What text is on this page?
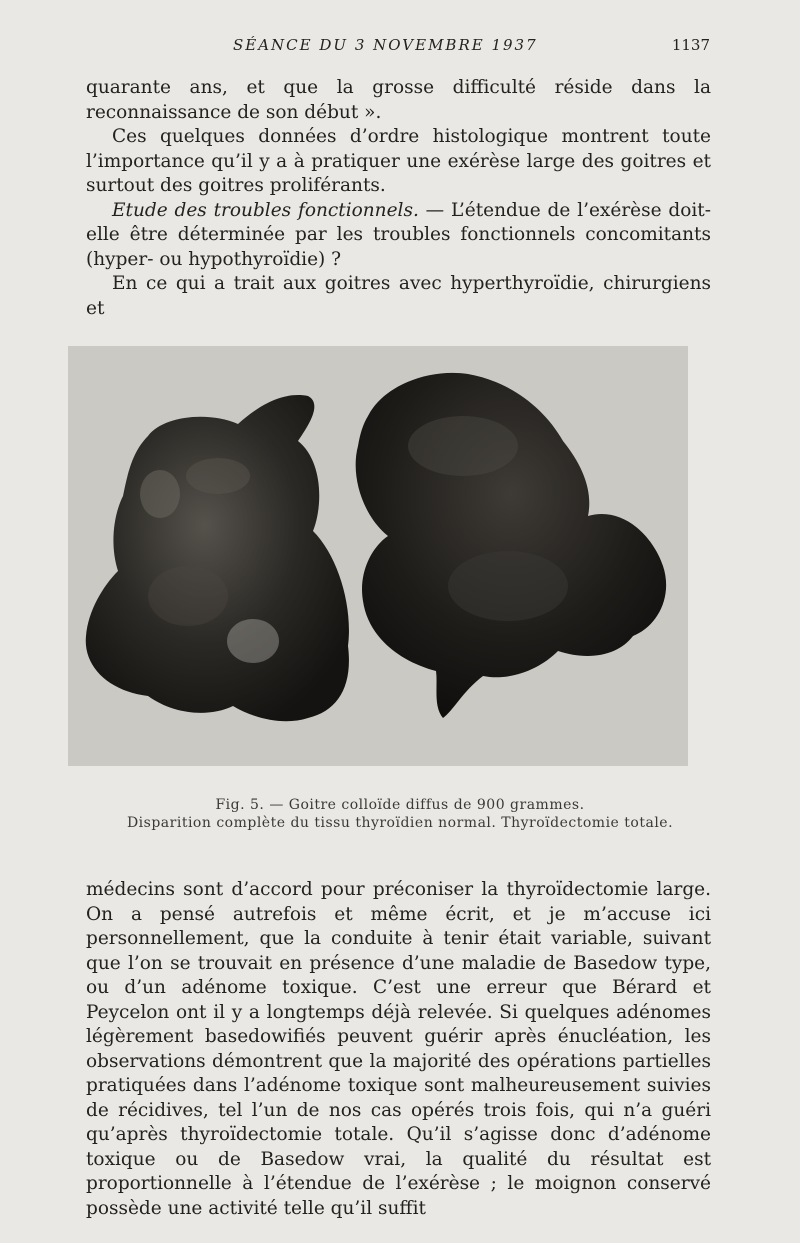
SÉANCE DU 3 NOVEMBRE 1937	1137

quarante ans, et que la grosse difficulté réside dans la reconnaissance de son début ».

Ces quelques données d’ordre histologique montrent toute l’importance qu’il y a à pratiquer une exérèse large des goitres et surtout des goitres proliférants.

Etude des troubles fonctionnels. — L’étendue de l’exérèse doit-elle être déterminée par les troubles fonctionnels concomitants (hyper- ou hypothyroïdie) ?

En ce qui a trait aux goitres avec hyperthyroïdie, chirurgiens et

Fig. 5. — Goitre colloïde diffus de 900 grammes.
Disparition complète du tissu thyroïdien normal. Thyroïdectomie totale.

médecins sont d’accord pour préconiser la thyroïdectomie large. On a pensé autrefois et même écrit, et je m’accuse ici personnellement, que la conduite à tenir était variable, suivant que l’on se trouvait en présence d’une maladie de Basedow type, ou d’un adénome toxique. C’est une erreur que Bérard et Peycelon ont il y a longtemps déjà relevée. Si quelques adénomes légèrement basedowifiés peuvent guérir après énucléation, les observations démontrent que la majorité des opérations partielles pratiquées dans l’adénome toxique sont malheureusement suivies de récidives, tel l’un de nos cas opérés trois fois, qui n’a guéri qu’après thyroïdectomie totale. Qu’il s’agisse donc d’adénome toxique ou de Basedow vrai, la qualité du résultat est proportionnelle à l’étendue de l’exérèse ; le moignon conservé possède une activité telle qu’il suffit
